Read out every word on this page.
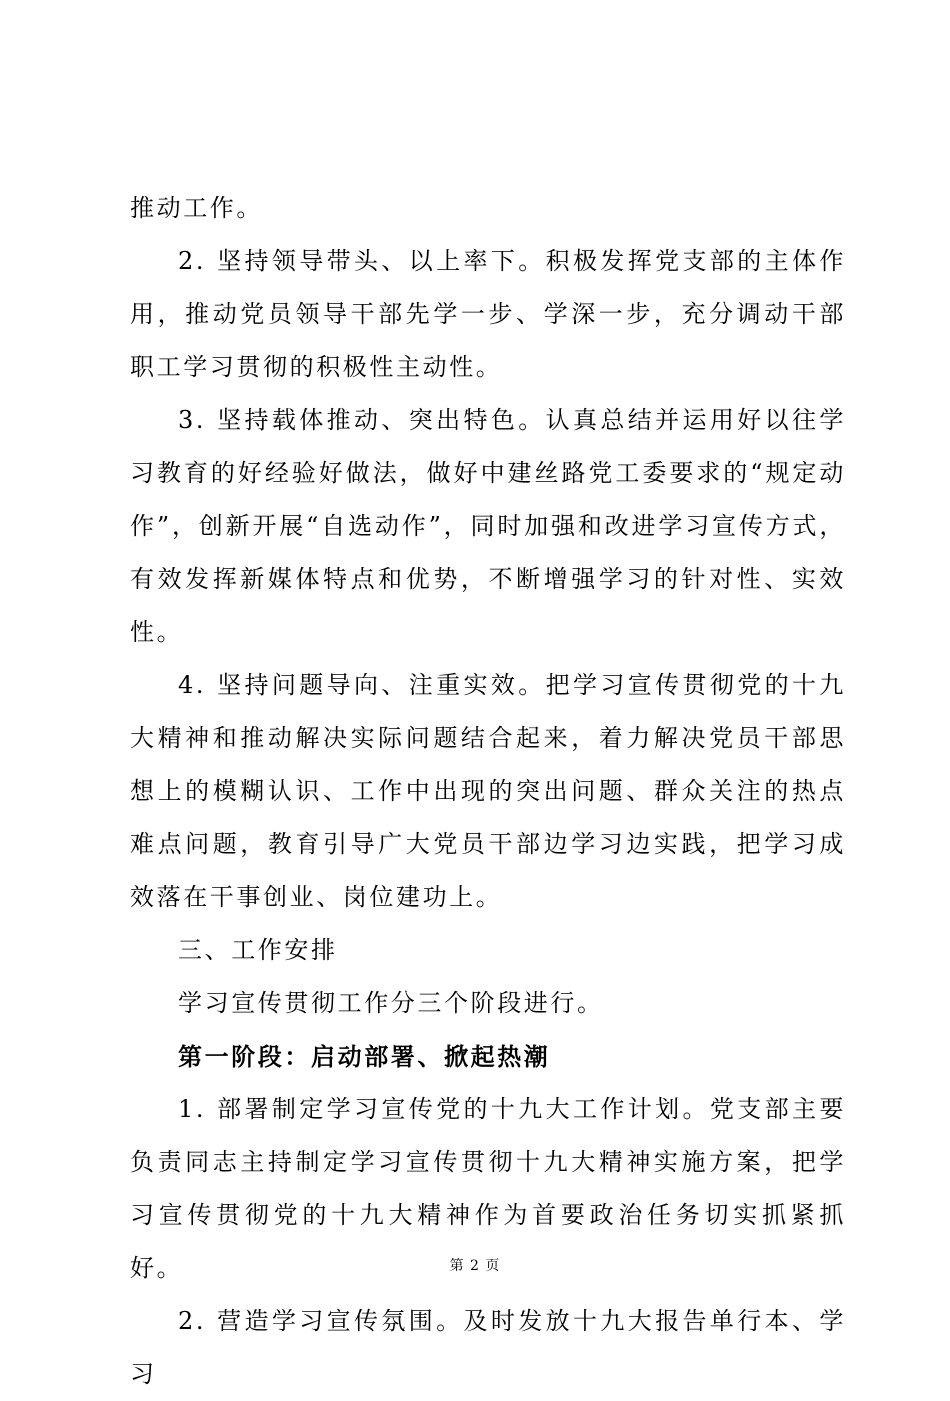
推动工作。

2. 坚持领导带头、以上率下。积极发挥党支部的主体作用，推动党员领导干部先学一步、学深一步，充分调动干部职工学习贯彻的积极性主动性。

3. 坚持载体推动、突出特色。认真总结并运用好以往学习教育的好经验好做法，做好中建丝路党工委要求的“规定动作”，创新开展“自选动作”，同时加强和改进学习宣传方式，有效发挥新媒体特点和优势，不断增强学习的针对性、实效性。

4. 坚持问题导向、注重实效。把学习宣传贯彻党的十九大精神和推动解决实际问题结合起来，着力解决党员干部思想上的模糊认识、工作中出现的突出问题、群众关注的热点难点问题，教育引导广大党员干部边学习边实践，把学习成效落在干事创业、岗位建功上。

三、工作安排

学习宣传贯彻工作分三个阶段进行。

第一阶段：启动部署、掀起热潮

1. 部署制定学习宣传党的十九大工作计划。党支部主要负责同志主持制定学习宣传贯彻十九大精神实施方案，把学习宣传贯彻党的十九大精神作为首要政治任务切实抓紧抓好。

2. 营造学习宣传氛围。及时发放十九大报告单行本、学习

第 2 页
